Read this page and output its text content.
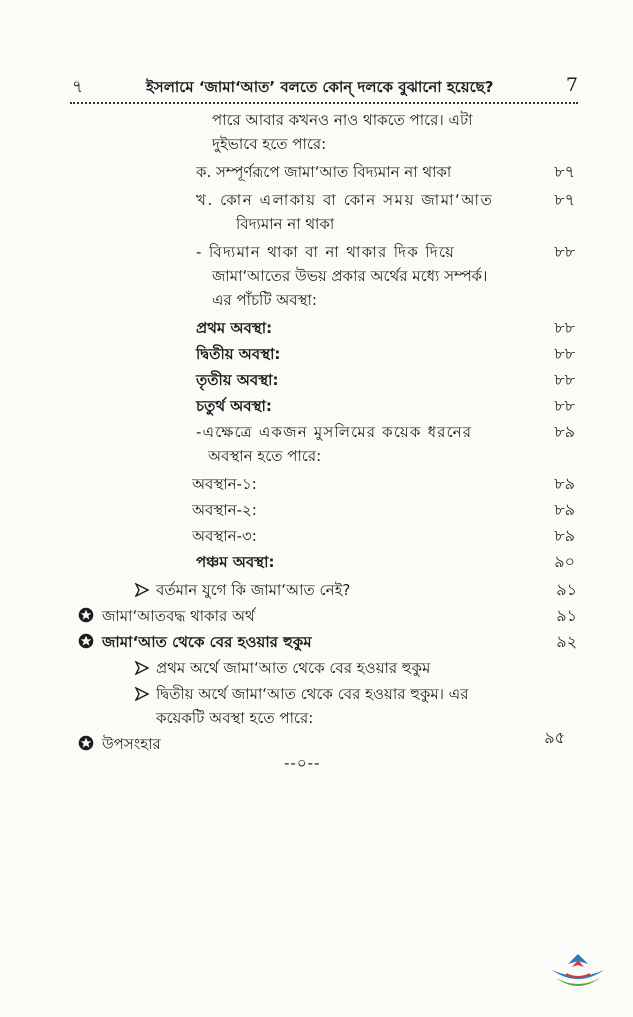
৭	ইসলামে ‘জামা‘আত’ বলতে কোন্ দলকে বুঝানো হয়েছে?	7
পারে আবার কখনও নাও থাকতে পারে। এটা
দুইভাবে হতে পারে:
ক. সম্পূর্ণরূপে জামা‘আত বিদ্যমান না থাকা	৮৭
খ. কোন এলাকায় বা কোন সময় জামা‘আত	৮৭
বিদ্যমান না থাকা
- বিদ্যমান থাকা বা না থাকার দিক দিয়ে	৮৮
জামা‘আতের উভয় প্রকার অর্থের মধ্যে সম্পর্ক।
এর পাঁচটি অবস্থা:
প্রথম অবস্থা:	৮৮
দ্বিতীয় অবস্থা:	৮৮
তৃতীয় অবস্থা:	৮৮
চতুর্থ অবস্থা:	৮৮
-এক্ষেত্রে একজন মুসলিমের কয়েক ধরনের	৮৯
অবস্থান হতে পারে:
অবস্থান-১:	৮৯
অবস্থান-২:	৮৯
অবস্থান-৩:	৮৯
পঞ্চম অবস্থা:	৯০
বর্তমান যুগে কি জামা‘আত নেই?	৯১
জামা‘আতবদ্ধ থাকার অর্থ	৯১
জামা‘আত থেকে বের হওয়ার হুকুম	৯২
প্রথম অর্থে জামা‘আত থেকে বের হওয়ার হুকুম
দ্বিতীয় অর্থে জামা‘আত থেকে বের হওয়ার হুকুম। এর
কয়েকটি অবস্থা হতে পারে:
উপসংহার	৯৫
--০--
